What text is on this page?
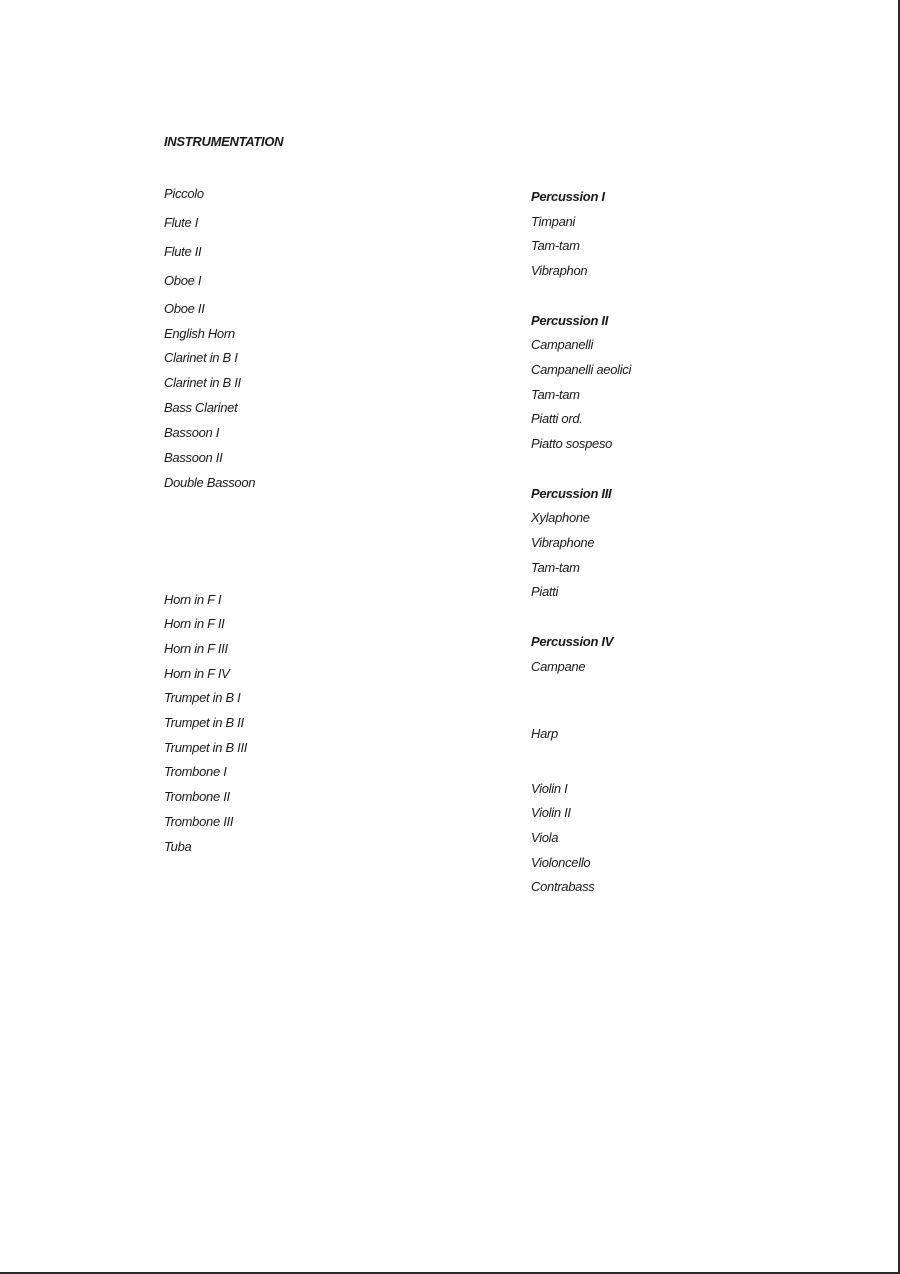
INSTRUMENTATION
Piccolo
Flute I
Flute II
Oboe I
Oboe II
English Horn
Clarinet in B I
Clarinet in B II
Bass Clarinet
Bassoon I
Bassoon II
Double Bassoon
Horn in F I
Horn in F II
Horn in F III
Horn in F IV
Trumpet in B I
Trumpet in B II
Trumpet in B III
Trombone I
Trombone II
Trombone III
Tuba
Percussion I
Timpani
Tam-tam
Vibraphon
Percussion II
Campanelli
Campanelli aeolici
Tam-tam
Piatti ord.
Piatto sospeso
Percussion III
Xylaphone
Vibraphone
Tam-tam
Piatti
Percussion IV
Campane
Harp
Violin I
Violin II
Viola
Violoncello
Contrabass
